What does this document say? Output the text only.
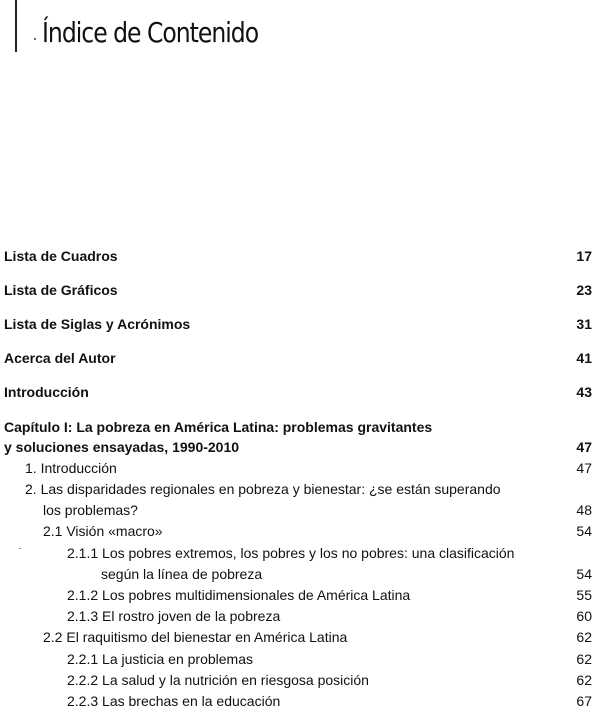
Índice de Contenido
Lista de Cuadros	17
Lista de Gráficos	23
Lista de Siglas y Acrónimos	31
Acerca del Autor	41
Introducción	43
Capítulo I: La pobreza en América Latina: problemas gravitantes
y soluciones ensayadas, 1990-2010	47
1. Introducción	47
2. Las disparidades regionales en pobreza y bienestar: ¿se están superando
los problemas?	48
2.1 Visión «macro»	54
2.1.1 Los pobres extremos, los pobres y los no pobres: una clasificación
según la línea de pobreza	54
2.1.2 Los pobres multidimensionales de América Latina	55
2.1.3 El rostro joven de la pobreza	60
2.2 El raquitismo del bienestar en América Latina	62
2.2.1 La justicia en problemas	62
2.2.2 La salud y la nutrición en riesgosa posición	62
2.2.3 Las brechas en la educación	67
